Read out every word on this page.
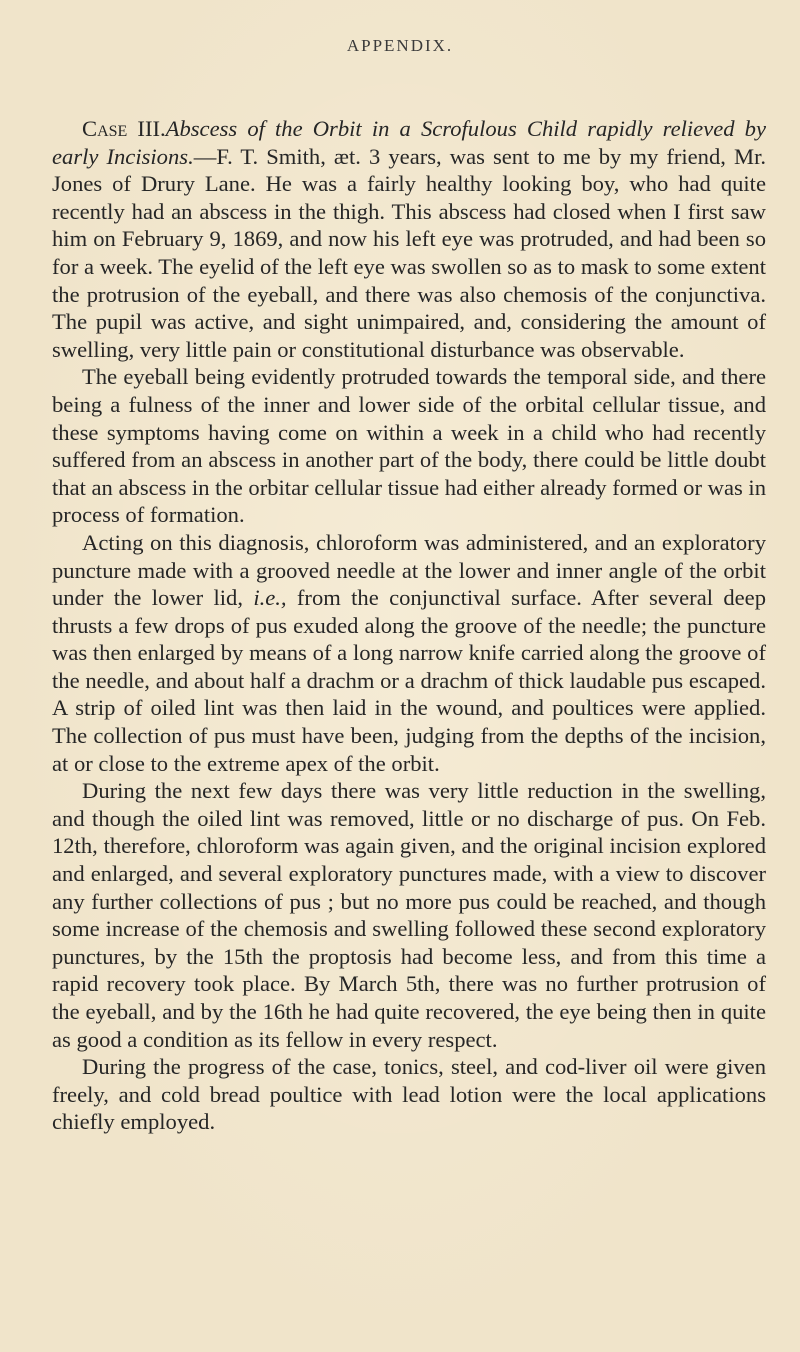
APPENDIX.

Case III.Abscess of the Orbit in a Scrofulous Child rapidly relieved by early Incisions.—F. T. Smith, æt. 3 years, was sent to me by my friend, Mr. Jones of Drury Lane. He was a fairly healthy looking boy, who had quite recently had an abscess in the thigh. This abscess had closed when I first saw him on February 9, 1869, and now his left eye was protruded, and had been so for a week. The eyelid of the left eye was swollen so as to mask to some extent the protrusion of the eyeball, and there was also chemosis of the conjunctiva. The pupil was active, and sight unimpaired, and, considering the amount of swelling, very little pain or constitutional disturbance was observable.

The eyeball being evidently protruded towards the temporal side, and there being a fulness of the inner and lower side of the orbital cellular tissue, and these symptoms having come on within a week in a child who had recently suffered from an abscess in another part of the body, there could be little doubt that an abscess in the orbitar cellular tissue had either already formed or was in process of formation.

Acting on this diagnosis, chloroform was administered, and an exploratory puncture made with a grooved needle at the lower and inner angle of the orbit under the lower lid, i.e., from the conjunctival surface. After several deep thrusts a few drops of pus exuded along the groove of the needle; the puncture was then enlarged by means of a long narrow knife carried along the groove of the needle, and about half a drachm or a drachm of thick laudable pus escaped. A strip of oiled lint was then laid in the wound, and poultices were applied. The collection of pus must have been, judging from the depths of the incision, at or close to the extreme apex of the orbit.

During the next few days there was very little reduction in the swelling, and though the oiled lint was removed, little or no discharge of pus. On Feb. 12th, therefore, chloroform was again given, and the original incision explored and enlarged, and several exploratory punctures made, with a view to discover any further collections of pus ; but no more pus could be reached, and though some increase of the chemosis and swelling followed these second exploratory punctures, by the 15th the proptosis had become less, and from this time a rapid recovery took place. By March 5th, there was no further protrusion of the eyeball, and by the 16th he had quite recovered, the eye being then in quite as good a condition as its fellow in every respect.

During the progress of the case, tonics, steel, and cod-liver oil were given freely, and cold bread poultice with lead lotion were the local applications chiefly employed.
